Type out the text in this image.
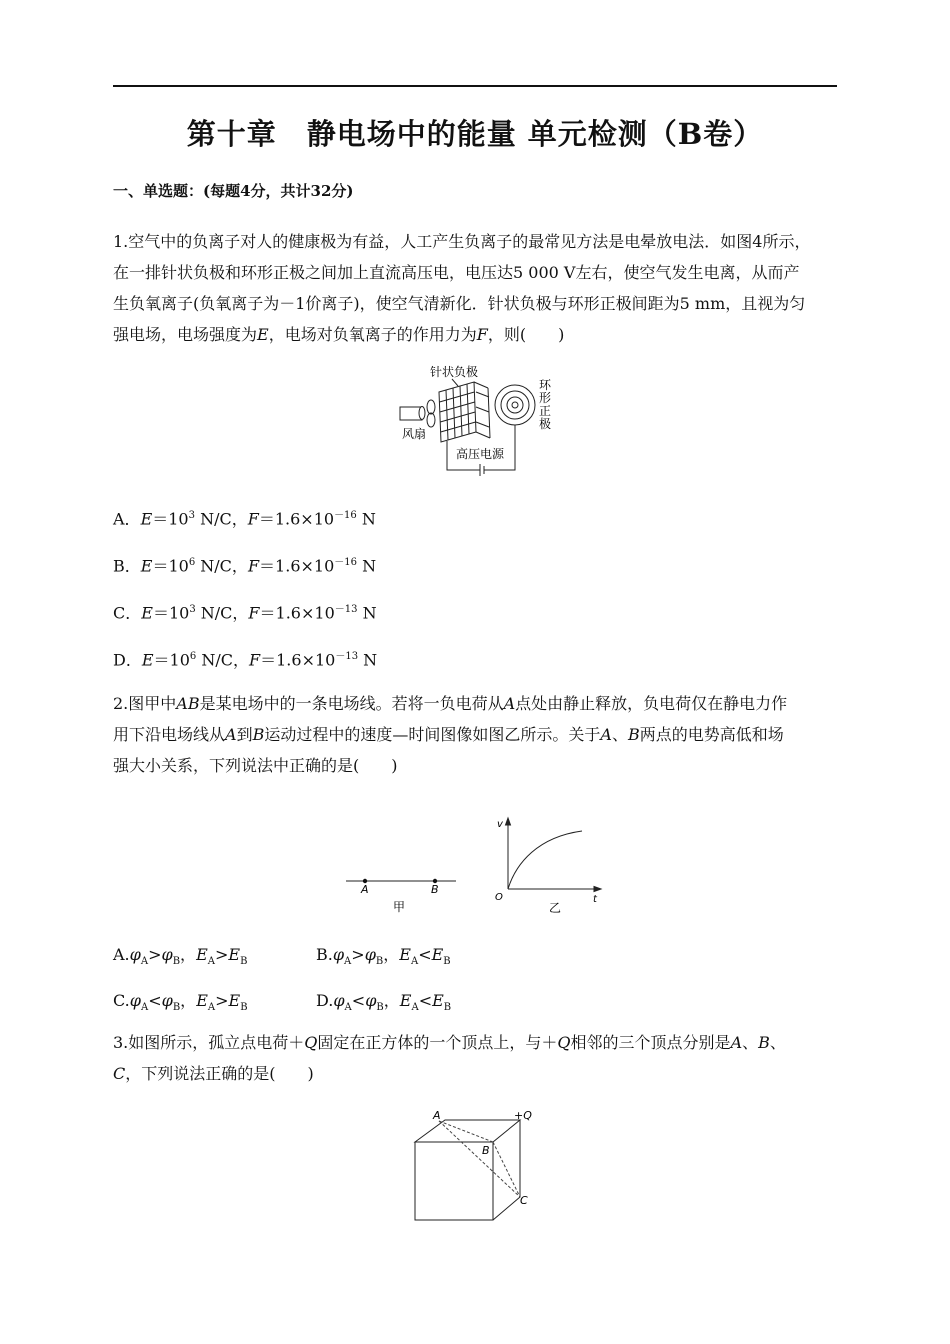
第十章　静电场中的能量 单元检测（B卷）
一、单选题：(每题4分，共计32分)
1.空气中的负离子对人的健康极为有益，人工产生负离子的最常见方法是电晕放电法．如图4所示，
在一排针状负极和环形正极之间加上直流高压电，电压达5 000 V左右，使空气发生电离，从而产
生负氧离子(负氧离子为－1价离子)，使空气清新化．针状负极与环形正极间距为5 mm，且视为匀
强电场，电场强度为E，电场对负氧离子的作用力为F，则(　　)
针状负极
风扇
环
形
正
极
高压电源
A．$E=10^3$ N/C，$F=1.6\times 10^{-16}$ N
B．$E=10^6$ N/C，$F=1.6\times 10^{-16}$ N
C．$E=10^3$ N/C，$F=1.6\times 10^{-13}$ N
D．$E=10^6$ N/C，$F=1.6\times 10^{-13}$ N
2.图甲中AB是某电场中的一条电场线。若将一负电荷从A点处由静止释放，负电荷仅在静电力作
用下沿电场线从A到B运动过程中的速度—时间图像如图乙所示。关于A、B两点的电势高低和场
强大小关系，下列说法中正确的是(　　)
A	B
甲
v
t
O
乙
$A.\varphi_A>\varphi_B$，$E_A>E_B$	$B.\varphi_A>\varphi_B$，$E_A<E_B$
$C.\varphi_A<\varphi_B$，$E_A>E_B$	$D.\varphi_A<\varphi_B$，$E_A<E_B$
3.如图所示，孤立点电荷＋Q固定在正方体的一个顶点上，与＋Q相邻的三个顶点分别是A、B、
C，下列说法正确的是(　　)
A	+Q
B
C
